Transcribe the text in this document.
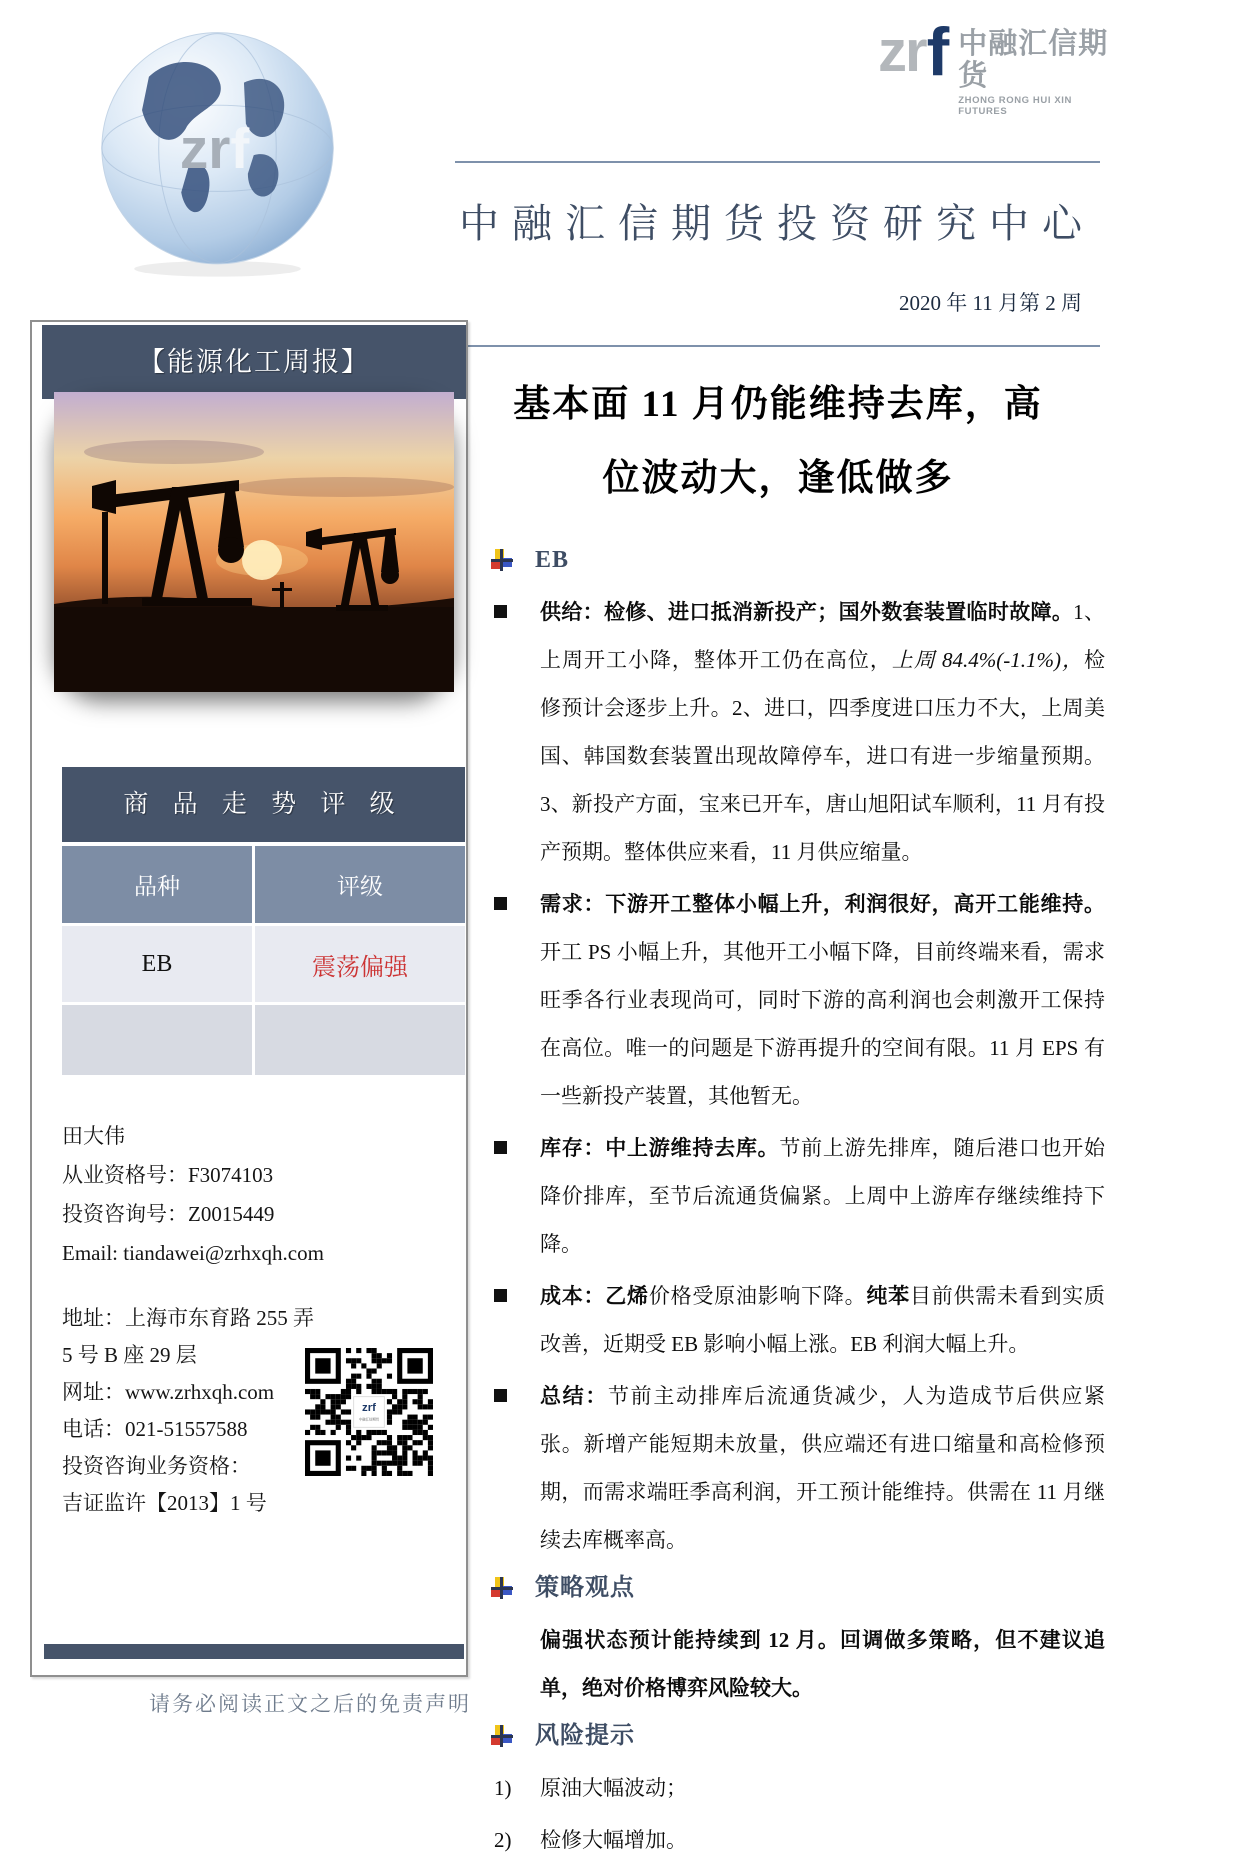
zrf
zr f 中融汇信期货
ZHONG RONG HUI XIN FUTURES
中融汇信期货投资研究中心
2020 年 11 月第 2 周
基本面 11 月仍能维持去库，高
位波动大，逢低做多
EB
供给：检修、进口抵消新投产；国外数套装置临时故障。1、上周开工小降，整体开工仍在高位，上周 84.4%(-1.1%)，检修预计会逐步上升。2、进口，四季度进口压力不大，上周美国、韩国数套装置出现故障停车，进口有进一步缩量预期。3、新投产方面，宝来已开车，唐山旭阳试车顺利，11 月有投产预期。整体供应来看，11 月供应缩量。
需求：下游开工整体小幅上升，利润很好，高开工能维持。开工 PS 小幅上升，其他开工小幅下降，目前终端来看，需求旺季各行业表现尚可，同时下游的高利润也会刺激开工保持在高位。唯一的问题是下游再提升的空间有限。11 月 EPS 有一些新投产装置，其他暂无。
库存：中上游维持去库。节前上游先排库，随后港口也开始降价排库，至节后流通货偏紧。上周中上游库存继续维持下降。
成本：乙烯价格受原油影响下降。纯苯目前供需未看到实质改善，近期受 EB 影响小幅上涨。EB 利润大幅上升。
总结：节前主动排库后流通货减少，人为造成节后供应紧张。新增产能短期未放量，供应端还有进口缩量和高检修预期，而需求端旺季高利润，开工预计能维持。供需在 11 月继续去库概率高。
策略观点
偏强状态预计能持续到 12 月。回调做多策略，但不建议追单，绝对价格博弈风险较大。
风险提示
1) 原油大幅波动；
2) 检修大幅增加。
【能源化工周报】
商 品 走 势 评 级
品种	评级
EB	震荡偏强
田大伟
从业资格号：F3074103
投资咨询号：Z0015449
Email: tiandawei@zrhxqh.com
地址：上海市东育路 255 弄 5 号 B 座 29 层
网址：www.zrhxqh.com
电话：021-51557588
投资咨询业务资格：
吉证监许【2013】1 号
zrf
中融汇信期货
请务必阅读正文之后的免责声明
